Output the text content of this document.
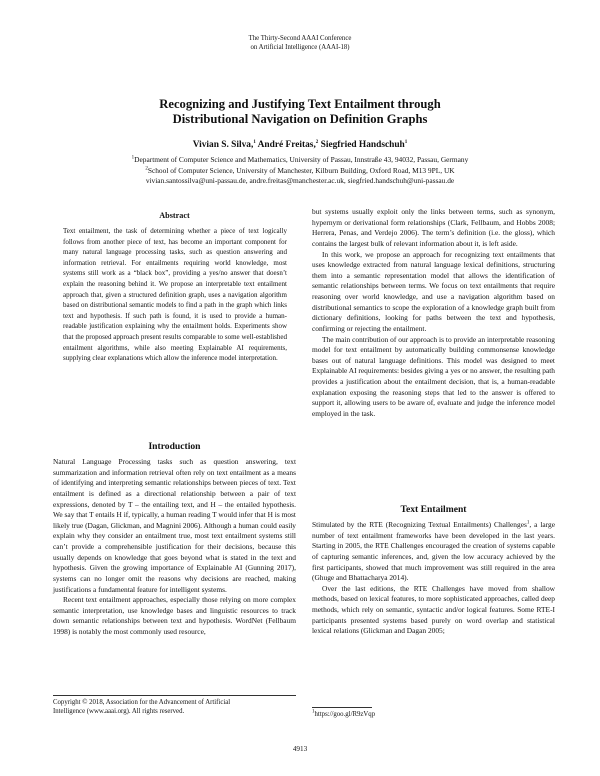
The Thirty-Second AAAI Conference
on Artificial Intelligence (AAAI-18)
Recognizing and Justifying Text Entailment through
Distributional Navigation on Definition Graphs
Vivian S. Silva,$^1$ André Freitas,$^2$ Siegfried Handschuh$^1$
$^1$Department of Computer Science and Mathematics, University of Passau, Innstraße 43, 94032, Passau, Germany
$^2$School of Computer Science, University of Manchester, Kilburn Building, Oxford Road, M13 9PL, UK
vivian.santossilva@uni-passau.de, andre.freitas@manchester.ac.uk, siegfried.handschuh@uni-passau.de
Abstract

Text entailment, the task of determining whether a piece of text logically follows from another piece of text, has become an important component for many natural language processing tasks, such as question answering and information retrieval. For entailments requiring world knowledge, most systems still work as a “black box”, providing a yes/no answer that doesn’t explain the reasoning behind it. We propose an interpretable text entailment approach that, given a structured definition graph, uses a navigation algorithm based on distributional semantic models to find a path in the graph which links text and hypothesis. If such path is found, it is used to provide a human-readable justification explaining why the entailment holds. Experiments show that the proposed approach present results comparable to some well-established entailment algorithms, while also meeting Explainable AI requirements, supplying clear explanations which allow the inference model interpretation.

Introduction

Natural Language Processing tasks such as question answering, text summarization and information retrieval often rely on text entailment as a means of identifying and interpreting semantic relationships between pieces of text. Text entailment is defined as a directional relationship between a pair of text expressions, denoted by T – the entailing text, and H – the entailed hypothesis. We say that T entails H if, typically, a human reading T would infer that H is most likely true (Dagan, Glickman, and Magnini 2006). Although a human could easily explain why they consider an entailment true, most text entailment systems still can’t provide a comprehensible justification for their decisions, because this usually depends on knowledge that goes beyond what is stated in the text and hypothesis. Given the growing importance of Explainable AI (Gunning 2017), systems can no longer omit the reasons why decisions are reached, making justifications a fundamental feature for intelligent systems.

Recent text entailment approaches, especially those relying on more complex semantic interpretation, use knowledge bases and linguistic resources to track down semantic relationships between text and hypothesis. WordNet (Fellbaum 1998) is notably the most commonly used resource,

Copyright © 2018, Association for the Advancement of Artificial
Intelligence (www.aaai.org). All rights reserved.

but systems usually exploit only the links between terms, such as synonym, hypernym or derivational form relationships (Clark, Fellbaum, and Hobbs 2008; Herrera, Penas, and Verdejo 2006). The term’s definition (i.e. the gloss), which contains the largest bulk of relevant information about it, is left aside.

In this work, we propose an approach for recognizing text entailments that uses knowledge extracted from natural language lexical definitions, structuring them into a semantic representation model that allows the identification of semantic relationships between terms. We focus on text entailments that require reasoning over world knowledge, and use a navigation algorithm based on distributional semantics to scope the exploration of a knowledge graph built from dictionary definitions, looking for paths between the text and hypothesis, confirming or rejecting the entailment.

The main contribution of our approach is to provide an interpretable reasoning model for text entailment by automatically building commonsense knowledge bases out of natural language definitions. This model was designed to meet Explainable AI requirements: besides giving a yes or no answer, the resulting path provides a justification about the entailment decision, that is, a human-readable explanation exposing the reasoning steps that led to the answer is offered to support it, allowing users to be aware of, evaluate and judge the inference model employed in the task.

Text Entailment

Stimulated by the RTE (Recognizing Textual Entailments) Challenges$^1$, a large number of text entailment frameworks have been developed in the last years. Starting in 2005, the RTE Challenges encouraged the creation of systems capable of capturing semantic inferences, and, given the low accuracy achieved by the first participants, showed that much improvement was still required in the area (Ghuge and Bhattacharya 2014).

Over the last editions, the RTE Challenges have moved from shallow methods, based on lexical features, to more sophisticated approaches, called deep methods, which rely on semantic, syntactic and/or logical features. Some RTE-I participants presented systems based purely on word overlap and statistical lexical relations (Glickman and Dagan 2005;

$^1$https://goo.gl/R9zVqp
4913
